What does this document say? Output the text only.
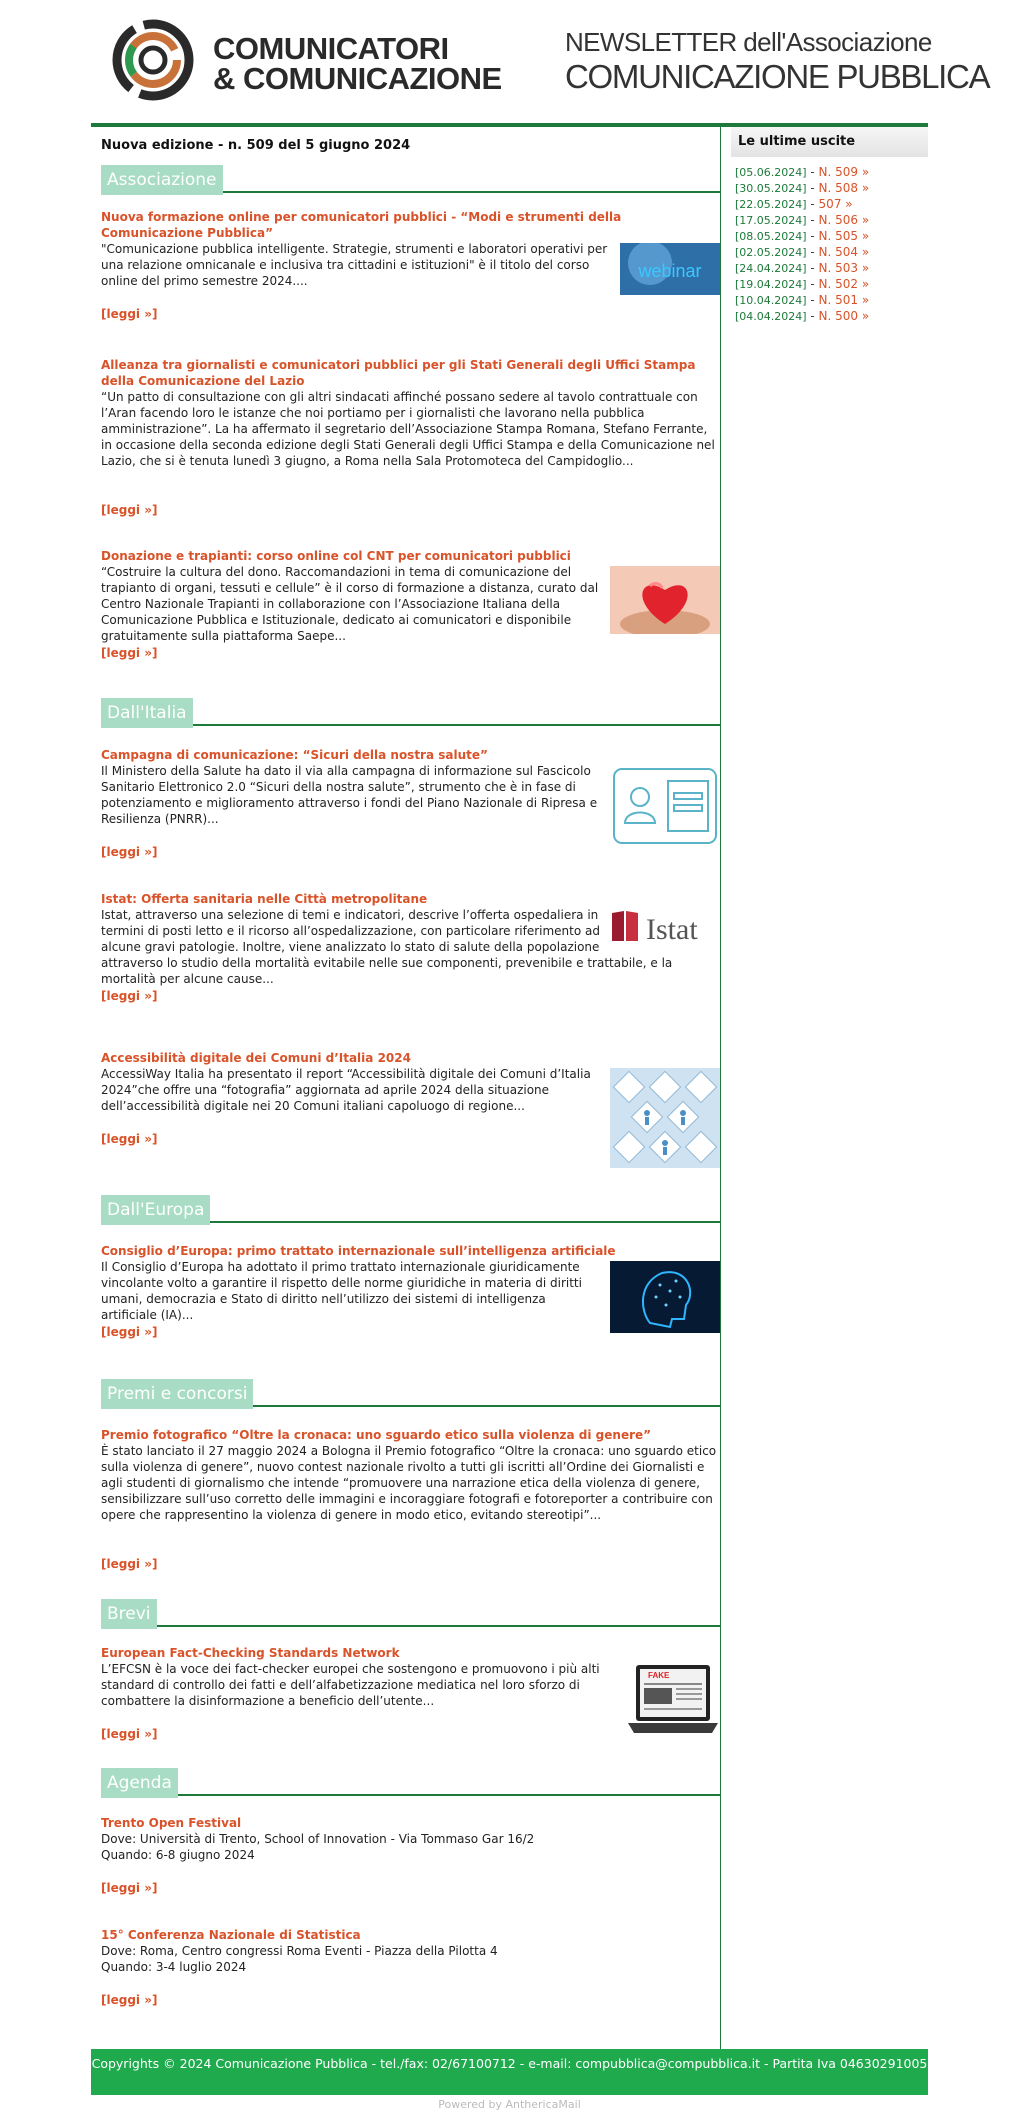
COMUNICATORI
& COMUNICAZIONE
NEWSLETTER dell'Associazione
COMUNICAZIONE PUBBLICA
Nuova edizione - n. 509 del 5 giugno 2024
Associazione
Nuova formazione online per comunicatori pubblici - “Modi e strumenti della Comunicazione Pubblica”
webinar
"Comunicazione pubblica intelligente. Strategie, strumenti e laboratori operativi per una relazione omnicanale e inclusiva tra cittadini e istituzioni" è il titolo del corso online del primo semestre 2024....
[leggi »]
Alleanza tra giornalisti e comunicatori pubblici per gli Stati Generali degli Uffici Stampa della Comunicazione del Lazio
“Un patto di consultazione con gli altri sindacati affinché possano sedere al tavolo contrattuale con l’Aran facendo loro le istanze che noi portiamo per i giornalisti che lavorano nella pubblica amministrazione”. La ha affermato il segretario dell’Associazione Stampa Romana, Stefano Ferrante, in occasione della seconda edizione degli Stati Generali degli Uffici Stampa e della Comunicazione nel Lazio, che si è tenuta lunedì 3 giugno, a Roma nella Sala Protomoteca del Campidoglio...
[leggi »]
Donazione e trapianti: corso online col CNT per comunicatori pubblici
“Costruire la cultura del dono. Raccomandazioni in tema di comunicazione del trapianto di organi, tessuti e cellule” è il corso di formazione a distanza, curato dal Centro Nazionale Trapianti in collaborazione con l’Associazione Italiana della Comunicazione Pubblica e Istituzionale, dedicato ai comunicatori e disponibile gratuitamente sulla piattaforma Saepe...
[leggi »]
Dall'Italia
Campagna di comunicazione: “Sicuri della nostra salute”
Il Ministero della Salute ha dato il via alla campagna di informazione sul Fascicolo Sanitario Elettronico 2.0 “Sicuri della nostra salute”, strumento che è in fase di potenziamento e miglioramento attraverso i fondi del Piano Nazionale di Ripresa e Resilienza (PNRR)...
[leggi »]
Istat: Offerta sanitaria nelle Città metropolitane
Istat
Istat, attraverso una selezione di temi e indicatori, descrive l’offerta ospedaliera in termini di posti letto e il ricorso all’ospedalizzazione, con particolare riferimento ad alcune gravi patologie. Inoltre, viene analizzato lo stato di salute della popolazione attraverso lo studio della mortalità evitabile nelle sue componenti, prevenibile e trattabile, e la mortalità per alcune cause...
[leggi »]
Accessibilità digitale dei Comuni d’Italia 2024
AccessiWay Italia ha presentato il report “Accessibilità digitale dei Comuni d’Italia 2024”che offre una “fotografia” aggiornata ad aprile 2024 della situazione dell’accessibilità digitale nei 20 Comuni italiani capoluogo di regione...
[leggi »]
Dall'Europa
Consiglio d’Europa: primo trattato internazionale sull’intelligenza artificiale
Il Consiglio d’Europa ha adottato il primo trattato internazionale giuridicamente vincolante volto a garantire il rispetto delle norme giuridiche in materia di diritti umani, democrazia e Stato di diritto nell’utilizzo dei sistemi di intelligenza artificiale (IA)...
[leggi »]
Premi e concorsi
Premio fotografico “Oltre la cronaca: uno sguardo etico sulla violenza di genere”
È stato lanciato il 27 maggio 2024 a Bologna il Premio fotografico “Oltre la cronaca: uno sguardo etico sulla violenza di genere”, nuovo contest nazionale rivolto a tutti gli iscritti all’Ordine dei Giornalisti e agli studenti di giornalismo che intende “promuovere una narrazione etica della violenza di genere, sensibilizzare sull’uso corretto delle immagini e incoraggiare fotografi e fotoreporter a contribuire con opere che rappresentino la violenza di genere in modo etico, evitando stereotipi”...
[leggi »]
Brevi
European Fact-Checking Standards Network
FAKE
L’EFCSN è la voce dei fact-checker europei che sostengono e promuovono i più alti standard di controllo dei fatti e dell’alfabetizzazione mediatica nel loro sforzo di combattere la disinformazione a beneficio dell’utente...
[leggi »]
Agenda
Trento Open Festival
Dove: Università di Trento, School of Innovation - Via Tommaso Gar 16/2
Quando: 6-8 giugno 2024
[leggi »]
15° Conferenza Nazionale di Statistica
Dove: Roma, Centro congressi Roma Eventi - Piazza della Pilotta 4
Quando: 3-4 luglio 2024
[leggi »]
Le ultime uscite
[05.06.2024] - N. 509 »
[30.05.2024] - N. 508 »
[22.05.2024] - 507 »
[17.05.2024] - N. 506 »
[08.05.2024] - N. 505 »
[02.05.2024] - N. 504 »
[24.04.2024] - N. 503 »
[19.04.2024] - N. 502 »
[10.04.2024] - N. 501 »
[04.04.2024] - N. 500 »
Copyrights © 2024 Comunicazione Pubblica - tel./fax: 02/67100712 - e-mail: compubblica@compubblica.it - Partita Iva 04630291005
Powered by AnthericaMail
